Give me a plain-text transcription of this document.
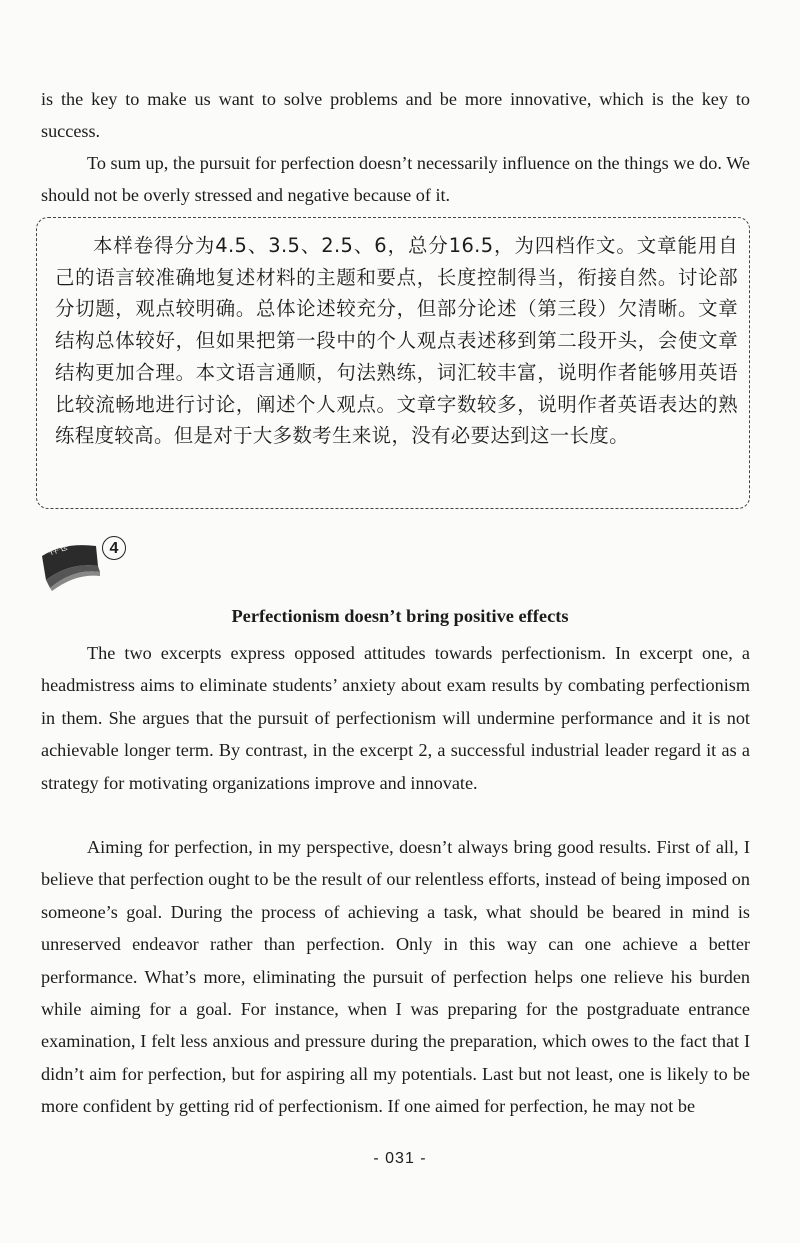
is the key to make us want to solve problems and be more innovative, which is the key to success.

To sum up, the pursuit for perfection doesn’t necessarily influence on the things we do. We should not be overly stressed and negative because of it.

本样卷得分为4.5、3.5、2.5、6，总分16.5，为四档作文。文章能用自己的语言较准确地复述材料的主题和要点，长度控制得当，衔接自然。讨论部分切题，观点较明确。总体论述较充分，但部分论述（第三段）欠清晰。文章结构总体较好，但如果把第一段中的个人观点表述移到第二段开头，会使文章结构更加合理。本文语言通顺，句法熟练，词汇较丰富，说明作者能够用英语比较流畅地进行讨论，阐述个人观点。文章字数较多，说明作者英语表达的熟练程度较高。但是对于大多数考生来说，没有必要达到这一长度。

样卷	4

Perfectionism doesn’t bring positive effects

The two excerpts express opposed attitudes towards perfectionism. In excerpt one, a headmistress aims to eliminate students’ anxiety about exam results by combating perfectionism in them. She argues that the pursuit of perfectionism will undermine performance and it is not achievable longer term. By contrast, in the excerpt 2, a successful industrial leader regard it as a strategy for motivating organizations improve and innovate.

Aiming for perfection, in my perspective, doesn’t always bring good results. First of all, I believe that perfection ought to be the result of our relentless efforts, instead of being imposed on someone’s goal. During the process of achieving a task, what should be beared in mind is unreserved endeavor rather than perfection. Only in this way can one achieve a better performance. What’s more, eliminating the pursuit of perfection helps one relieve his burden while aiming for a goal. For instance, when I was preparing for the postgraduate entrance examination, I felt less anxious and pressure during the preparation, which owes to the fact that I didn’t aim for perfection, but for aspiring all my potentials. Last but not least, one is likely to be more confident by getting rid of perfectionism. If one aimed for perfection, he may not be

- 031 -
